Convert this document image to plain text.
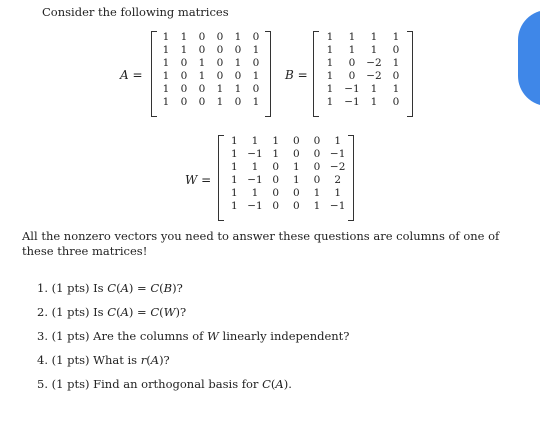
Consider the following matrices
A =
1	1	0	0	1	0
1	1	0	0	0	1
1	0	1	0	1	0
1	0	1	0	0	1
1	0	0	1	1	0
1	0	0	1	0	1
B =
1	1	1	1
1	1	1	0
1	0	−2	1
1	0	−2	0
1	−1	1	1
1	−1	1	0
W =
1	1	1	0	0	1
1 −1 1	0	0 −1
1	1	0	1	0 −2
1 −1 0	1	0	2
1	1	0	0	1	1
1 −1 0	0	1 −1
All the nonzero vectors you need to answer these questions are columns of one of these three matrices!
1. (1 pts) Is C(A) = C(B)?
2. (1 pts) Is C(A) = C(W)?
3. (1 pts) Are the columns of W linearly independent?
4. (1 pts) What is r(A)?
5. (1 pts) Find an orthogonal basis for C(A).
